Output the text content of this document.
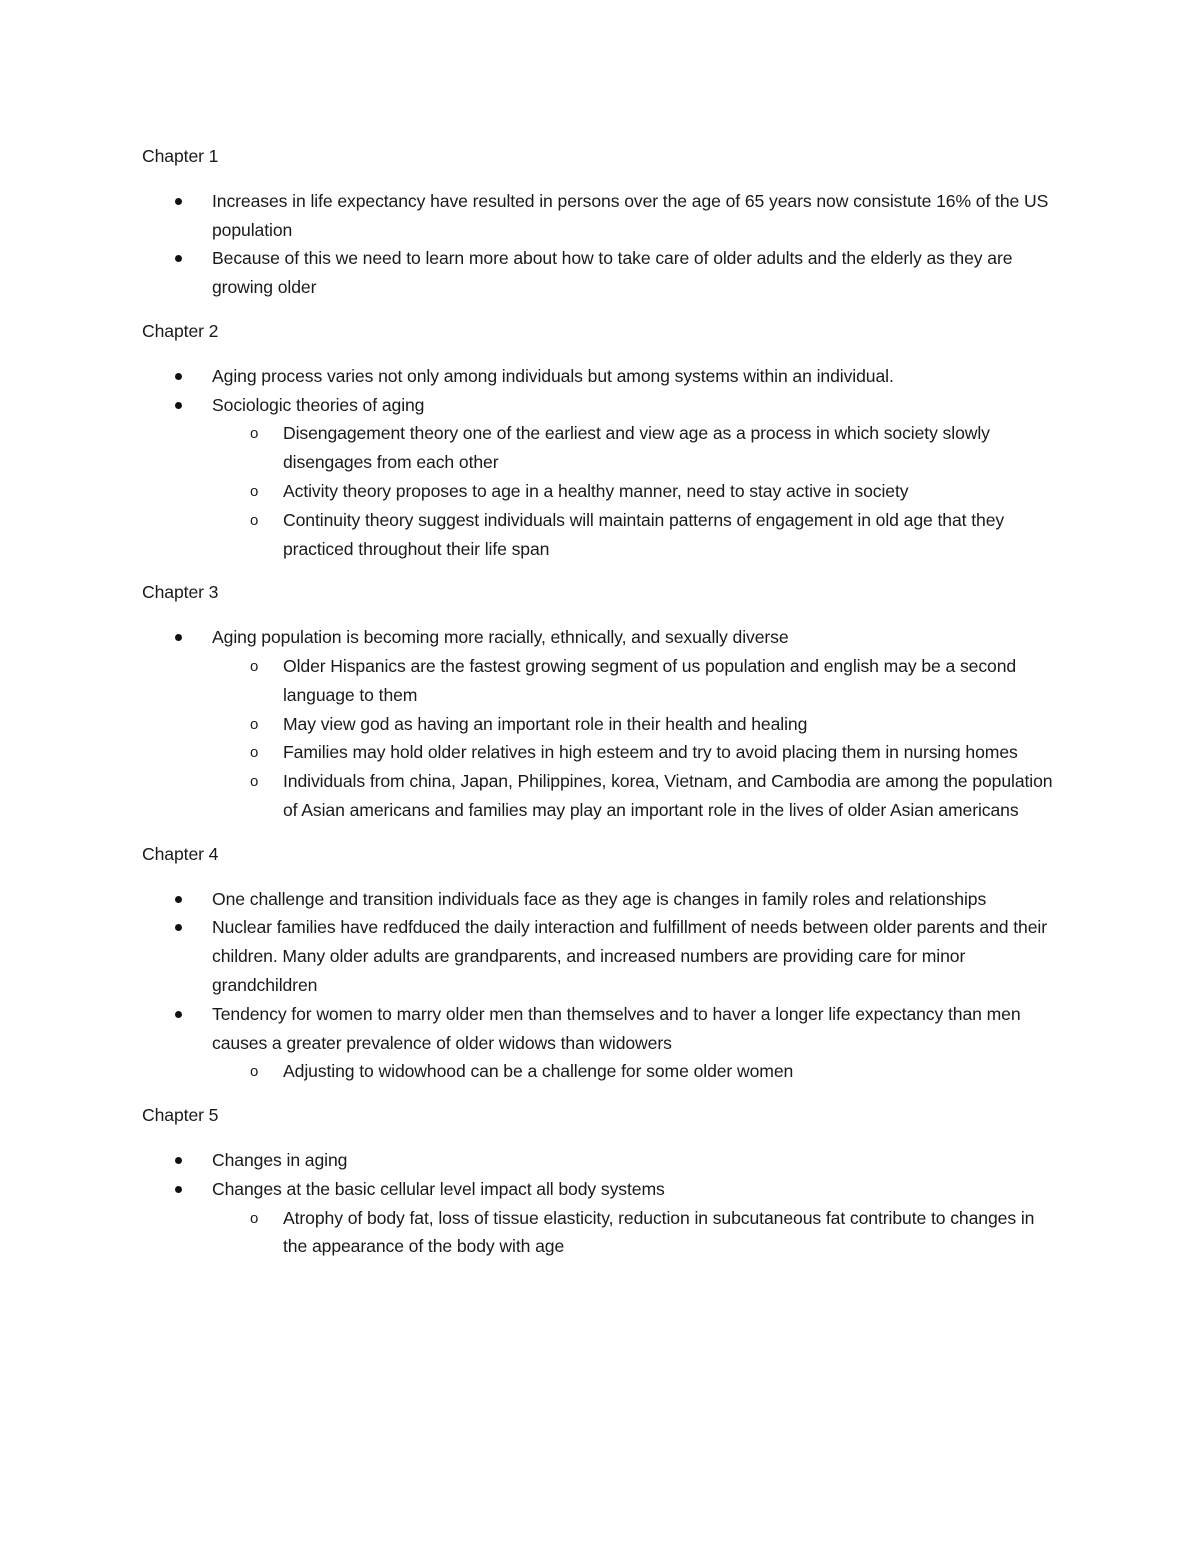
Chapter 1

Increases in life expectancy have resulted in persons over the age of 65 years now consistute 16% of the US population
Because of this we need to learn more about how to take care of older adults and the elderly as they are growing older

Chapter 2

Aging process varies not only among individuals but among systems within an individual.
Sociologic theories of aging
o	Disengagement theory one of the earliest and view age as a process in which society slowly disengages from each other
o	Activity theory proposes to age in a healthy manner, need to stay active in society
o	Continuity theory suggest individuals will maintain patterns of engagement in old age that they practiced throughout their life span

Chapter 3

Aging population is becoming more racially, ethnically, and sexually diverse
o	Older Hispanics are the fastest growing segment of us population and english may be a second language to them
o	May view god as having an important role in their health and healing
o	Families may hold older relatives in high esteem and try to avoid placing them in nursing homes
o	Individuals from china, Japan, Philippines, korea, Vietnam, and Cambodia are among the population of Asian americans and families may play an important role in the lives of older Asian americans

Chapter 4

One challenge and transition individuals face as they age is changes in family roles and relationships
Nuclear families have redfduced the daily interaction and fulfillment of needs between older parents and their children. Many older adults are grandparents, and increased numbers are providing care for minor grandchildren
Tendency for women to marry older men than themselves and to haver a longer life expectancy than men causes a greater prevalence of older widows than widowers
o	Adjusting to widowhood can be a challenge for some older women

Chapter 5

Changes in aging
Changes at the basic cellular level impact all body systems
o	Atrophy of body fat, loss of tissue elasticity, reduction in subcutaneous fat contribute to changes in the appearance of the body with age
